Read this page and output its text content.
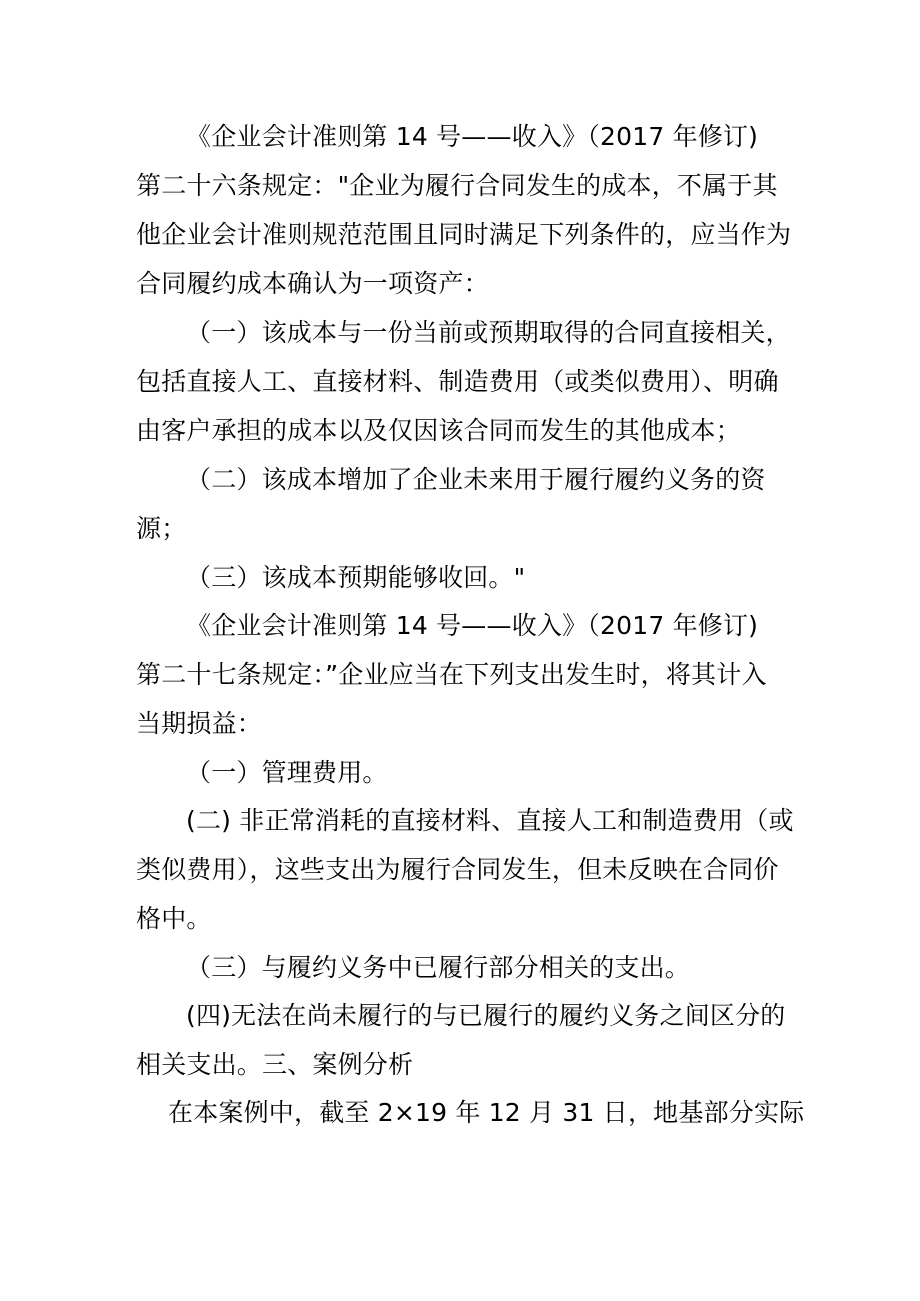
《企业会计准则第 14 号——收入》（2017 年修订)
第二十六条规定："企业为履行合同发生的成本，不属于其
他企业会计准则规范范围且同时满足下列条件的，应当作为
合同履约成本确认为一项资产：
（一）该成本与一份当前或预期取得的合同直接相关，
包括直接人工、直接材料、制造费用（或类似费用）、明确
由客户承担的成本以及仅因该合同而发生的其他成本；
（二）该成本增加了企业未来用于履行履约义务的资
源；
（三）该成本预期能够收回。"
《企业会计准则第 14 号——收入》（2017 年修订)
第二十七条规定：”企业应当在下列支出发生时，将其计入
当期损益：
（一）管理费用。
(二) 非正常消耗的直接材料、直接人工和制造费用（或
类似费用），这些支出为履行合同发生，但未反映在合同价
格中。
（三）与履约义务中已履行部分相关的支出。
(四)无法在尚未履行的与已履行的履约义务之间区分的
相关支出。三、案例分析
在本案例中，截至 2×19 年 12 月 31 日，地基部分实际
